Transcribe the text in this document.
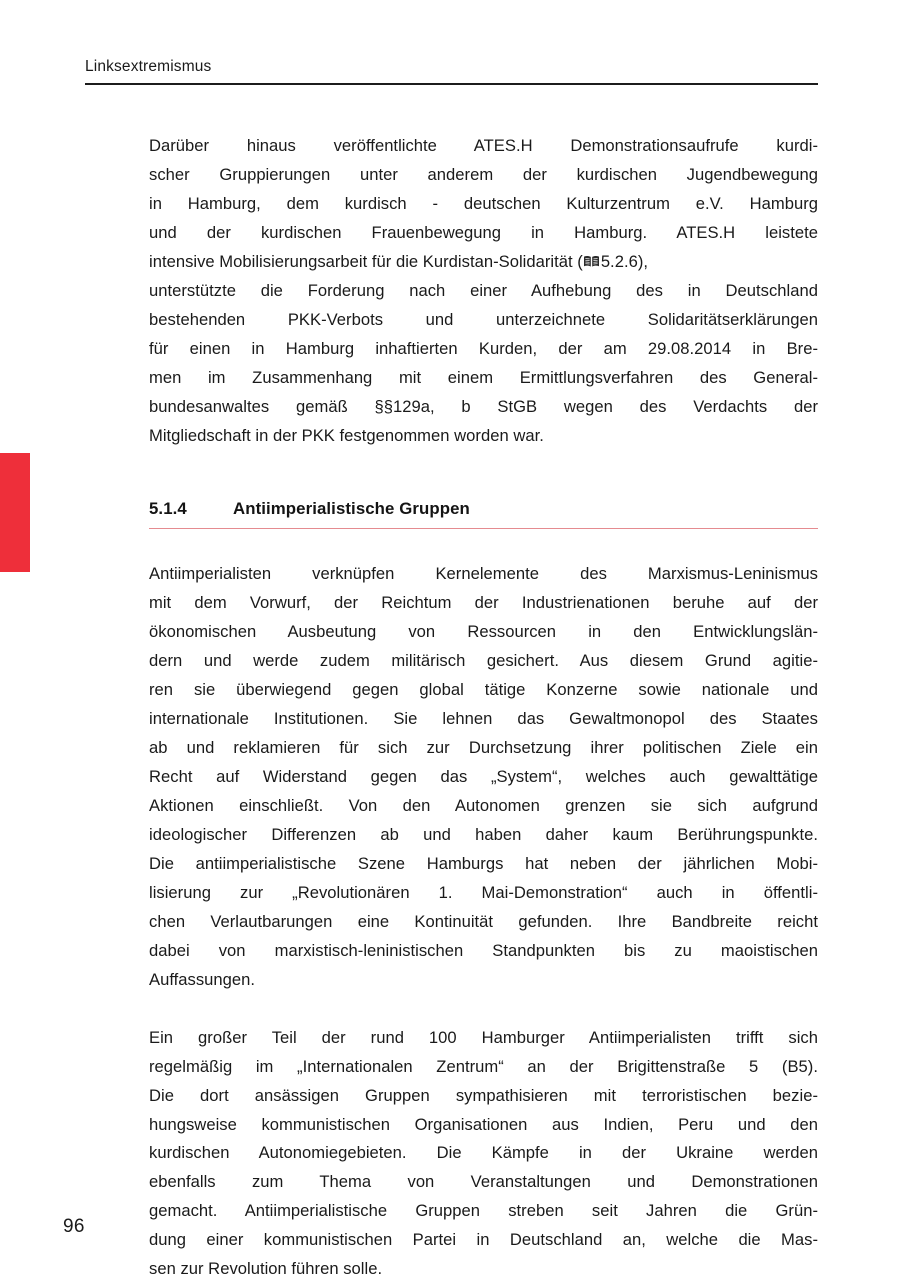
Linksextremismus

Darüber hinaus veröffentlichte ATES.H Demonstrationsaufrufe kurdi-
scher Gruppierungen unter anderem der kurdischen Jugendbewegung
in Hamburg, dem kurdisch - deutschen Kulturzentrum e.V. Hamburg
und der kurdischen Frauenbewegung in Hamburg. ATES.H leistete
intensive Mobilisierungsarbeit für die Kurdistan-Solidarität ( 5.2.6),
unterstützte die Forderung nach einer Aufhebung des in Deutschland
bestehenden PKK-Verbots und unterzeichnete Solidaritätserklärungen
für einen in Hamburg inhaftierten Kurden, der am 29.08.2014 in Bre-
men im Zusammenhang mit einem Ermittlungsverfahren des General-
bundesanwaltes gemäß §§129a, b StGB wegen des Verdachts der
Mitgliedschaft in der PKK festgenommen worden war.

5.1.4	Antiimperialistische Gruppen

Antiimperialisten verknüpfen Kernelemente des Marxismus-Leninismus
mit dem Vorwurf, der Reichtum der Industrienationen beruhe auf der
ökonomischen Ausbeutung von Ressourcen in den Entwicklungslän-
dern und werde zudem militärisch gesichert. Aus diesem Grund agitie-
ren sie überwiegend gegen global tätige Konzerne sowie nationale und
internationale Institutionen. Sie lehnen das Gewaltmonopol des Staates
ab und reklamieren für sich zur Durchsetzung ihrer politischen Ziele ein
Recht auf Widerstand gegen das „System“, welches auch gewalttätige
Aktionen einschließt. Von den Autonomen grenzen sie sich aufgrund
ideologischer Differenzen ab und haben daher kaum Berührungspunkte.
Die antiimperialistische Szene Hamburgs hat neben der jährlichen Mobi-
lisierung zur „Revolutionären 1. Mai-Demonstration“ auch in öffentli-
chen Verlautbarungen eine Kontinuität gefunden. Ihre Bandbreite reicht
dabei von marxistisch-leninistischen Standpunkten bis zu maoistischen
Auffassungen.

Ein großer Teil der rund 100 Hamburger Antiimperialisten trifft sich
regelmäßig im „Internationalen Zentrum“ an der Brigittenstraße 5 (B5).
Die dort ansässigen Gruppen sympathisieren mit terroristischen bezie-
hungsweise kommunistischen Organisationen aus Indien, Peru und den
kurdischen Autonomiegebieten. Die Kämpfe in der Ukraine werden
ebenfalls zum Thema von Veranstaltungen und Demonstrationen
gemacht. Antiimperialistische Gruppen streben seit Jahren die Grün-
dung einer kommunistischen Partei in Deutschland an, welche die Mas-
sen zur Revolution führen solle.

96
